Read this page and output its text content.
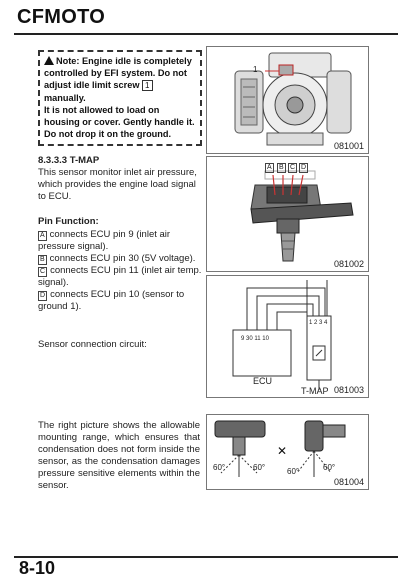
CFMOTO
Note: Engine idle is completely controlled by EFI system. Do not adjust idle limit screw 1 manually.
It is not allowed to load on housing or cover. Gently handle it. Do not drop it on the ground.
8.3.3.3 T-MAP
This sensor monitor inlet air pressure, which provides the engine load signal to ECU.
Pin Function:
A connects ECU pin 9 (inlet air pressure signal).
B connects ECU pin 30 (5V voltage).
C connects ECU pin 11 (inlet air temp. signal).
D connects ECU pin 10 (sensor to ground 1).
Sensor connection circuit:
The right picture shows the allowable mounting range, which ensures that condensation does not form inside the sensor, as the condensation damages pressure sensitive elements within the sensor.
1
081001
A B C D
081002
9 30 11 10
1 2 3 4
ECU
T-MAP 081003
✕
60°	60°	60°	60°
081004
8-10
